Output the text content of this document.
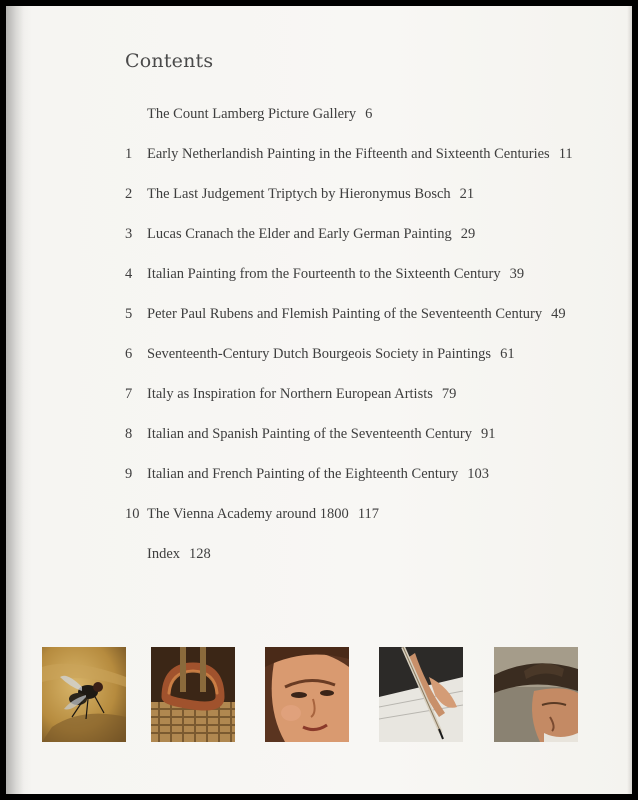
Contents
The Count Lamberg Picture Gallery 6
1	Early Netherlandish Painting in the Fifteenth and Sixteenth Centuries 11
2	The Last Judgement Triptych by Hieronymus Bosch 21
3	Lucas Cranach the Elder and Early German Painting 29
4	Italian Painting from the Fourteenth to the Sixteenth Century 39
5	Peter Paul Rubens and Flemish Painting of the Seventeenth Century 49
6	Seventeenth-Century Dutch Bourgeois Society in Paintings 61
7	Italy as Inspiration for Northern European Artists 79
8	Italian and Spanish Painting of the Seventeenth Century 91
9	Italian and French Painting of the Eighteenth Century 103
10 The Vienna Academy around 1800 117
Index 128
